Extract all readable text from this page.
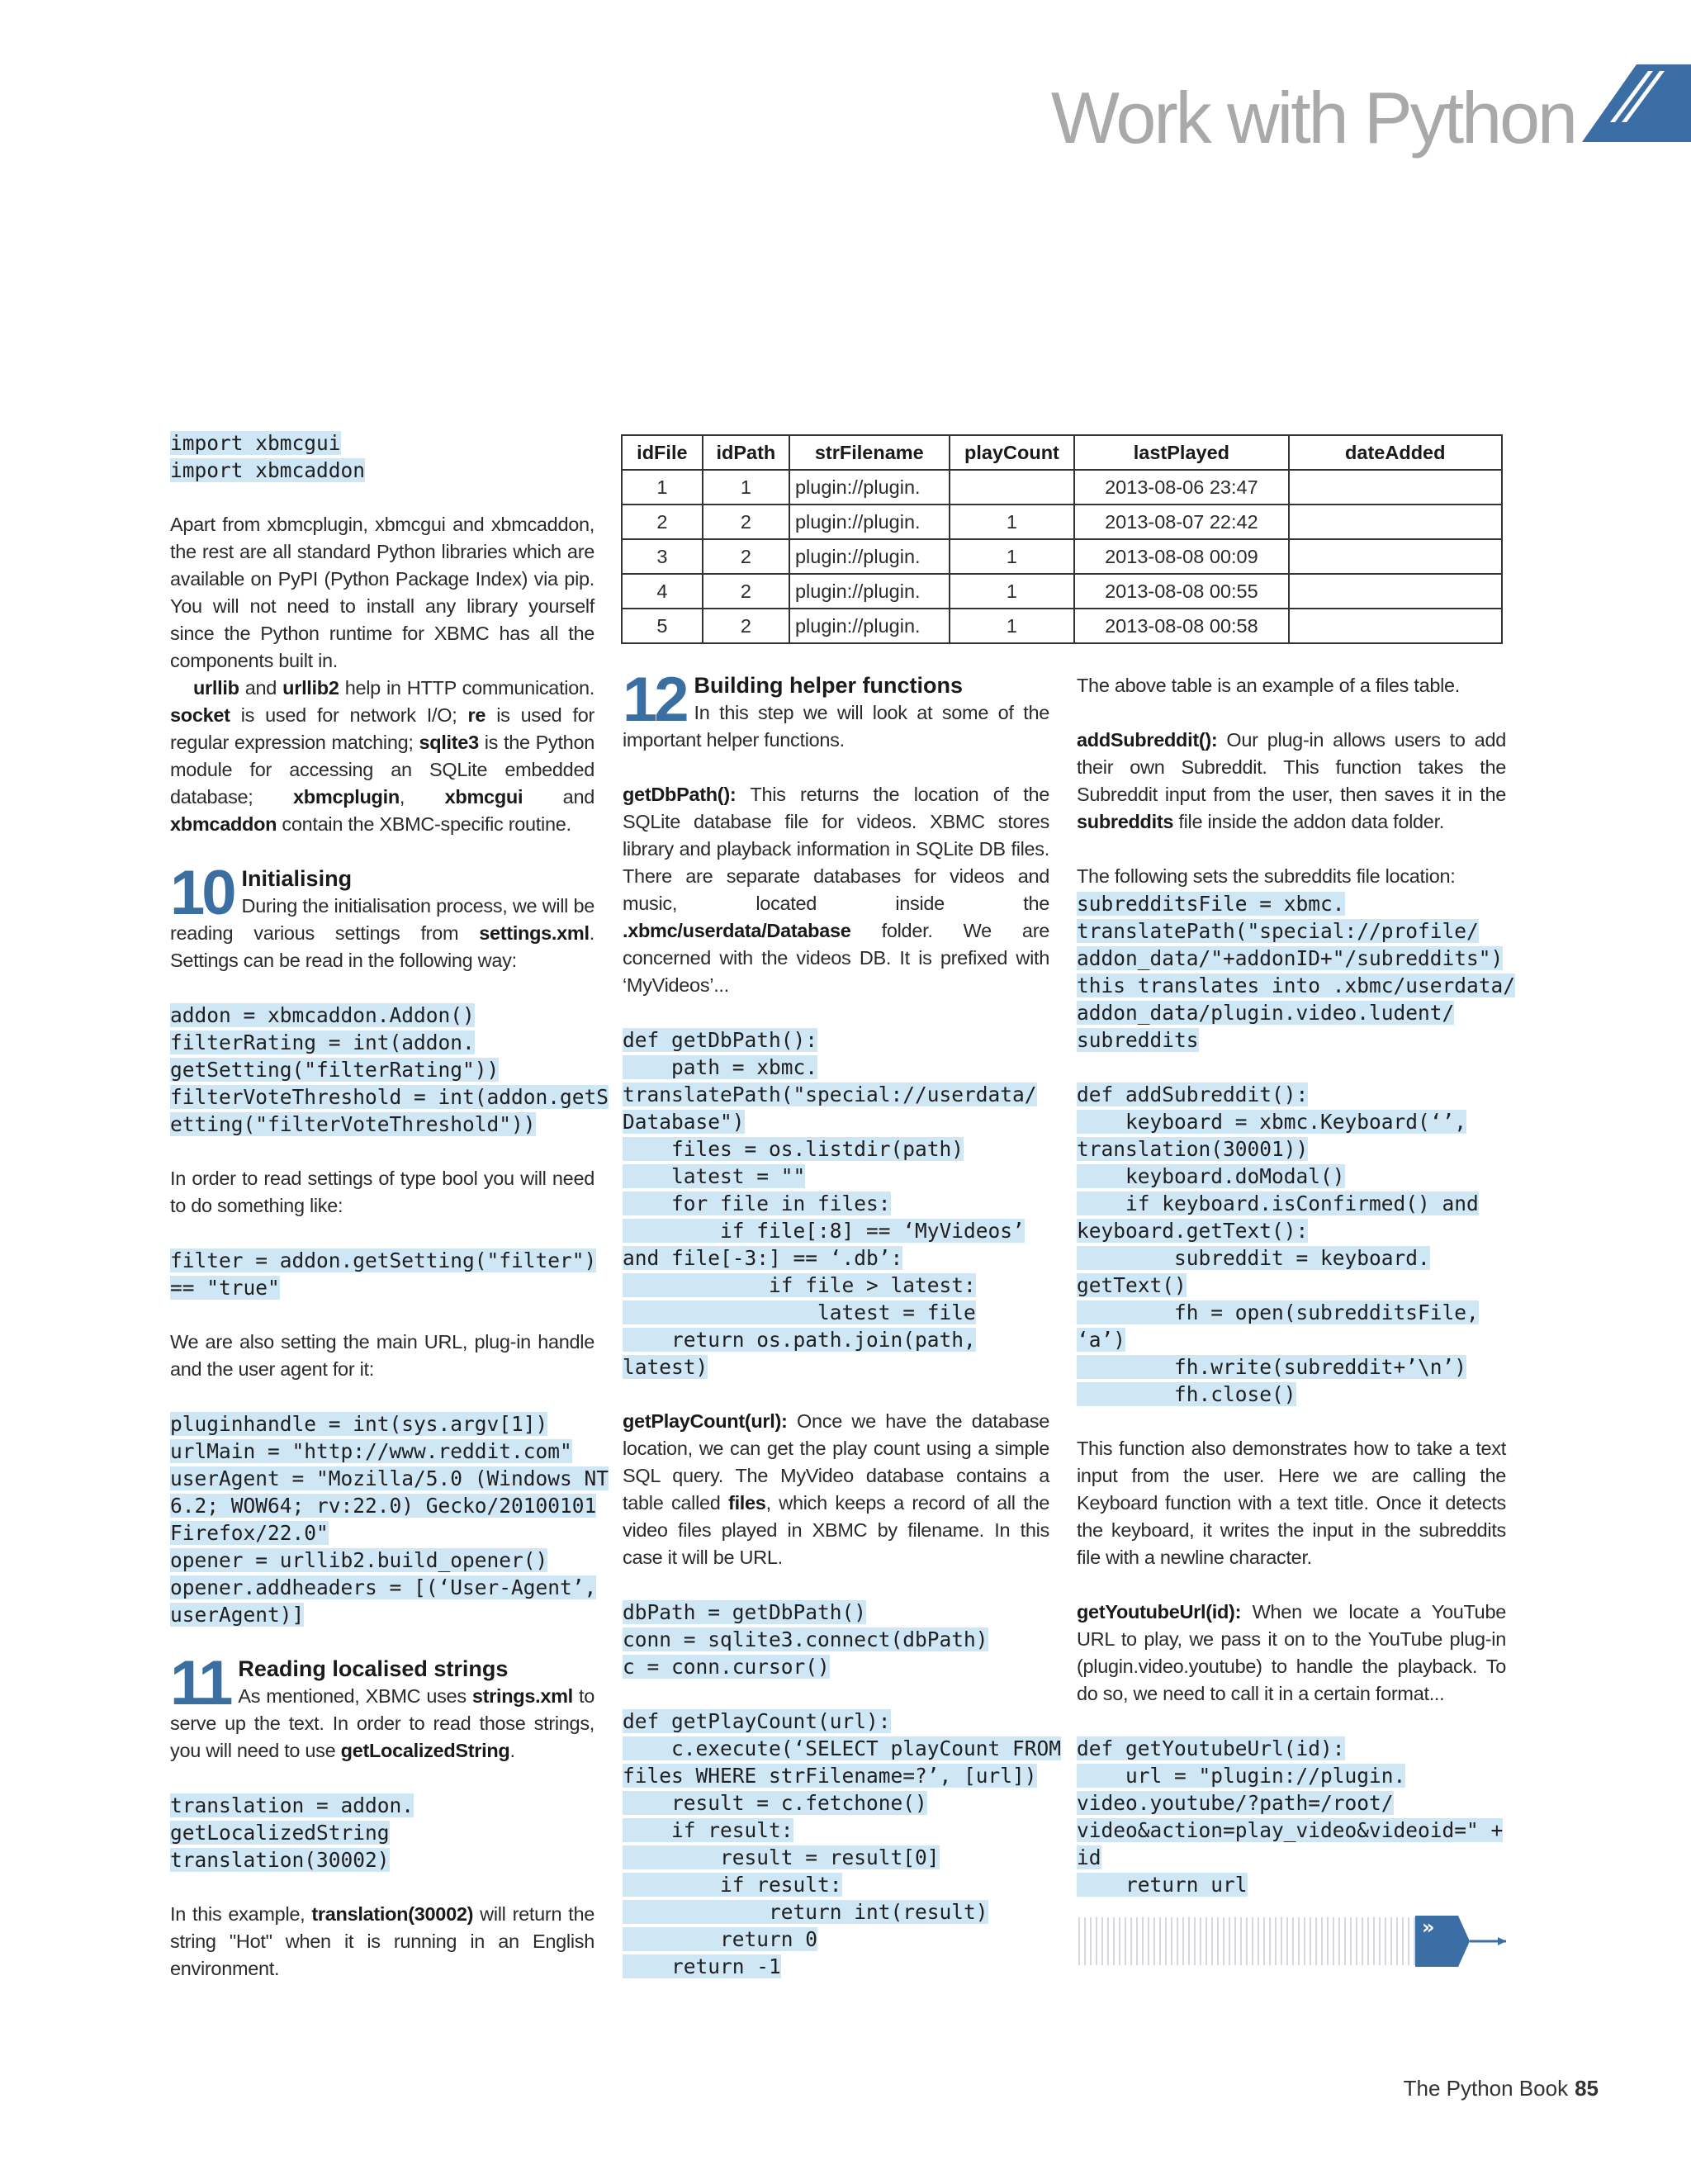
Work with Python
idFile	idPath	strFilename	playCount	lastPlayed	dateAdded
1	1	plugin://plugin.		2013-08-06 23:47	
2	2	plugin://plugin.	1	2013-08-07 22:42	
3	2	plugin://plugin.	1	2013-08-08 00:09	
4	2	plugin://plugin.	1	2013-08-08 00:55	
5	2	plugin://plugin.	1	2013-08-08 00:58	
import xbmcgui
import xbmcaddon

Apart from xbmcplugin, xbmcgui and xbmcaddon, the rest are all standard Python libraries which are available on PyPI (Python Package Index) via pip. You will not need to install any library yourself since the Python runtime for XBMC has all the components built in.

urllib and urllib2 help in HTTP communication. socket is used for network I/O; re is used for regular expression matching; sqlite3 is the Python module for accessing an SQLite embedded database; xbmcplugin, xbmcgui and xbmcaddon contain the XBMC-specific routine.

10 Initialising

During the initialisation process, we will be reading various settings from settings.xml. Settings can be read in the following way:

addon = xbmcaddon.Addon()
filterRating = int(addon.
getSetting("filterRating"))
filterVoteThreshold = int(addon.getS
etting("filterVoteThreshold"))

In order to read settings of type bool you will need to do something like:

filter = addon.getSetting("filter")
== "true"

We are also setting the main URL, plug-in handle and the user agent for it:

pluginhandle = int(sys.argv[1])
urlMain = "http://www.reddit.com"
userAgent = "Mozilla/5.0 (Windows NT
6.2; WOW64; rv:22.0) Gecko/20100101
Firefox/22.0"
opener = urllib2.build_opener()
opener.addheaders = [(‘User-Agent’,
userAgent)]
11 Reading localised strings

As mentioned, XBMC uses strings.xml to serve up the text. In order to read those strings, you will need to use getLocalizedString.

translation = addon.
getLocalizedString
translation(30002)

In this example, translation(30002) will return the string "Hot" when it is running in an English environment.

12 Building helper functions

In this step we will look at some of the important helper functions.

getDbPath(): This returns the location of the SQLite database file for videos. XBMC stores library and playback information in SQLite DB files. There are separate databases for videos and music, located inside the .xbmc/userdata/Database folder. We are concerned with the videos DB. It is prefixed with ‘MyVideos’...

def getDbPath():
path = xbmc.
translatePath("special://userdata/
Database")
files = os.listdir(path)
latest = ""
for file in files:
if file[:8] == ‘MyVideos’
and file[-3:] == ‘.db’:
if file > latest:
latest = file
return os.path.join(path,
latest)

getPlayCount(url): Once we have the database location, we can get the play count using a simple SQL query. The MyVideo database contains a table called files, which keeps a record of all the video files played in XBMC by filename. In this case it will be URL.

dbPath = getDbPath()
conn = sqlite3.connect(dbPath)
c = conn.cursor()
def getPlayCount(url):
c.execute(‘SELECT playCount FROM
files WHERE strFilename=?’, [url])
result = c.fetchone()
if result:
result = result[0]
if result:
return int(result)
return 0
return -1

The above table is an example of a files table.

addSubreddit(): Our plug-in allows users to add their own Subreddit. This function takes the Subreddit input from the user, then saves it in the subreddits file inside the addon data folder.

The following sets the subreddits file location:

subredditsFile = xbmc.
translatePath("special://profile/
addon_data/"+addonID+"/subreddits")
this translates into .xbmc/userdata/
addon_data/plugin.video.ludent/
subreddits
def addSubreddit():
keyboard = xbmc.Keyboard(‘’,
translation(30001))
keyboard.doModal()
if keyboard.isConfirmed() and
keyboard.getText():
subreddit = keyboard.
getText()
fh = open(subredditsFile,
‘a’)
fh.write(subreddit+’\n’)
fh.close()

This function also demonstrates how to take a text input from the user. Here we are calling the Keyboard function with a text title. Once it detects the keyboard, it writes the input in the subreddits file with a newline character.

getYoutubeUrl(id): When we locate a YouTube URL to play, we pass it on to the YouTube plug-in (plugin.video.youtube) to handle the playback. To do so, we need to call it in a certain format...

def getYoutubeUrl(id):
url = "plugin://plugin.
video.youtube/?path=/root/
video&action=play_video&videoid=" +
id
return url
»
The Python Book 85
